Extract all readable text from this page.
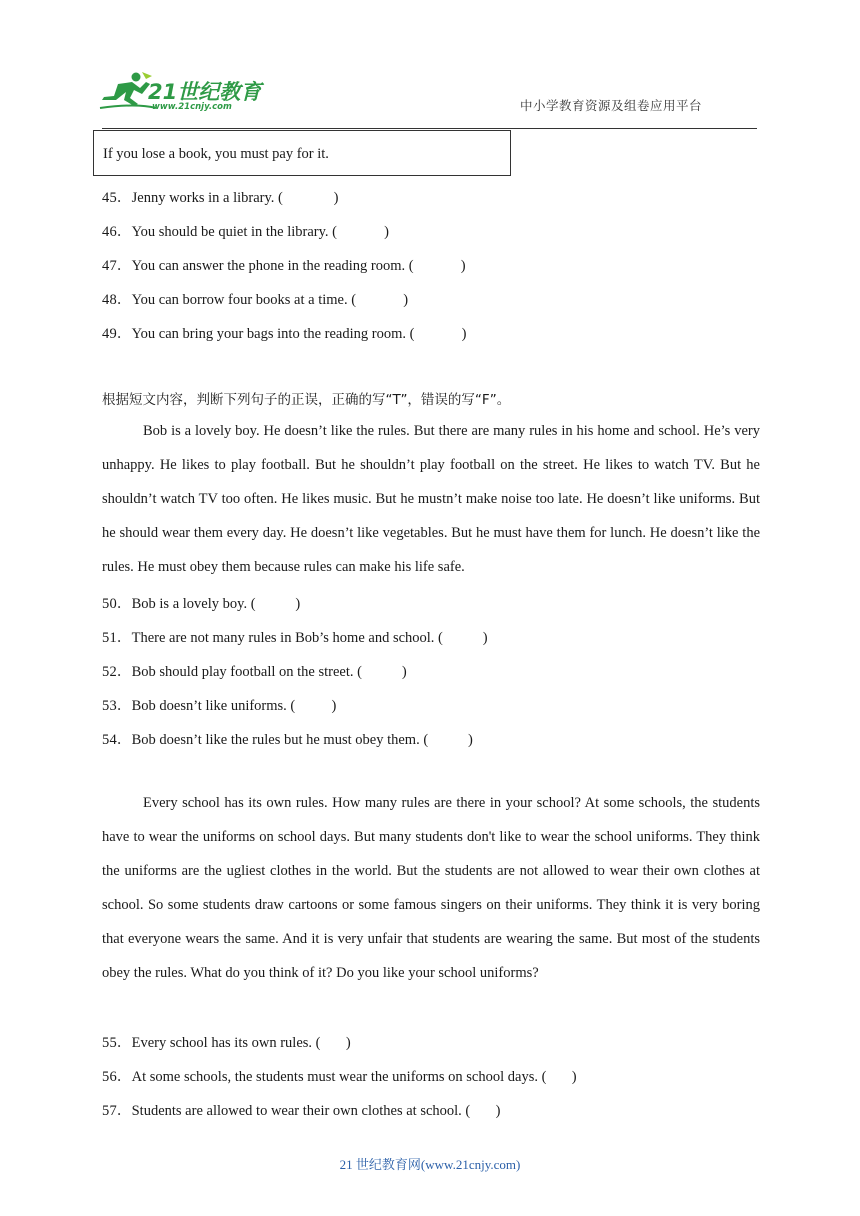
21世纪教育
www.21cnjy.com	中小学教育资源及组卷应用平台
If you lose a book, you must pay for it.
45．Jenny works in a library. (              )
46．You should be quiet in the library. (             )
47．You can answer the phone in the reading room. (             )
48．You can borrow four books at a time. (             )
49．You can bring your bags into the reading room. (             )
根据短文内容，判断下列句子的正误，正确的写“T”，错误的写“F”。
Bob is a lovely boy. He doesn’t like the rules. But there are many rules in his home and school. He’s very unhappy. He likes to play football. But he shouldn’t play football on the street. He likes to watch TV. But he shouldn’t watch TV too often. He likes music. But he mustn’t make noise too late. He doesn’t like uniforms. But he should wear them every day. He doesn’t like vegetables. But he must have them for lunch. He doesn’t like the rules. He must obey them because rules can make his life safe.
50．Bob is a lovely boy. (           )
51．There are not many rules in Bob’s home and school. (           )
52．Bob should play football on the street. (           )
53．Bob doesn’t like uniforms. (          )
54．Bob doesn’t like the rules but he must obey them. (           )
Every school has its own rules. How many rules are there in your school? At some schools, the students have to wear the uniforms on school days. But many students don't like to wear the school uniforms. They think the uniforms are the ugliest clothes in the world. But the students are not allowed to wear their own clothes at school. So some students draw cartoons or some famous singers on their uniforms. They think it is very boring that everyone wears the same. And it is very unfair that students are wearing the same. But most of the students obey the rules. What do you think of it? Do you like your school uniforms?
55．Every school has its own rules. (       )
56．At some schools, the students must wear the uniforms on school days. (       )
57．Students are allowed to wear their own clothes at school. (       )
21 世纪教育网(www.21cnjy.com)
